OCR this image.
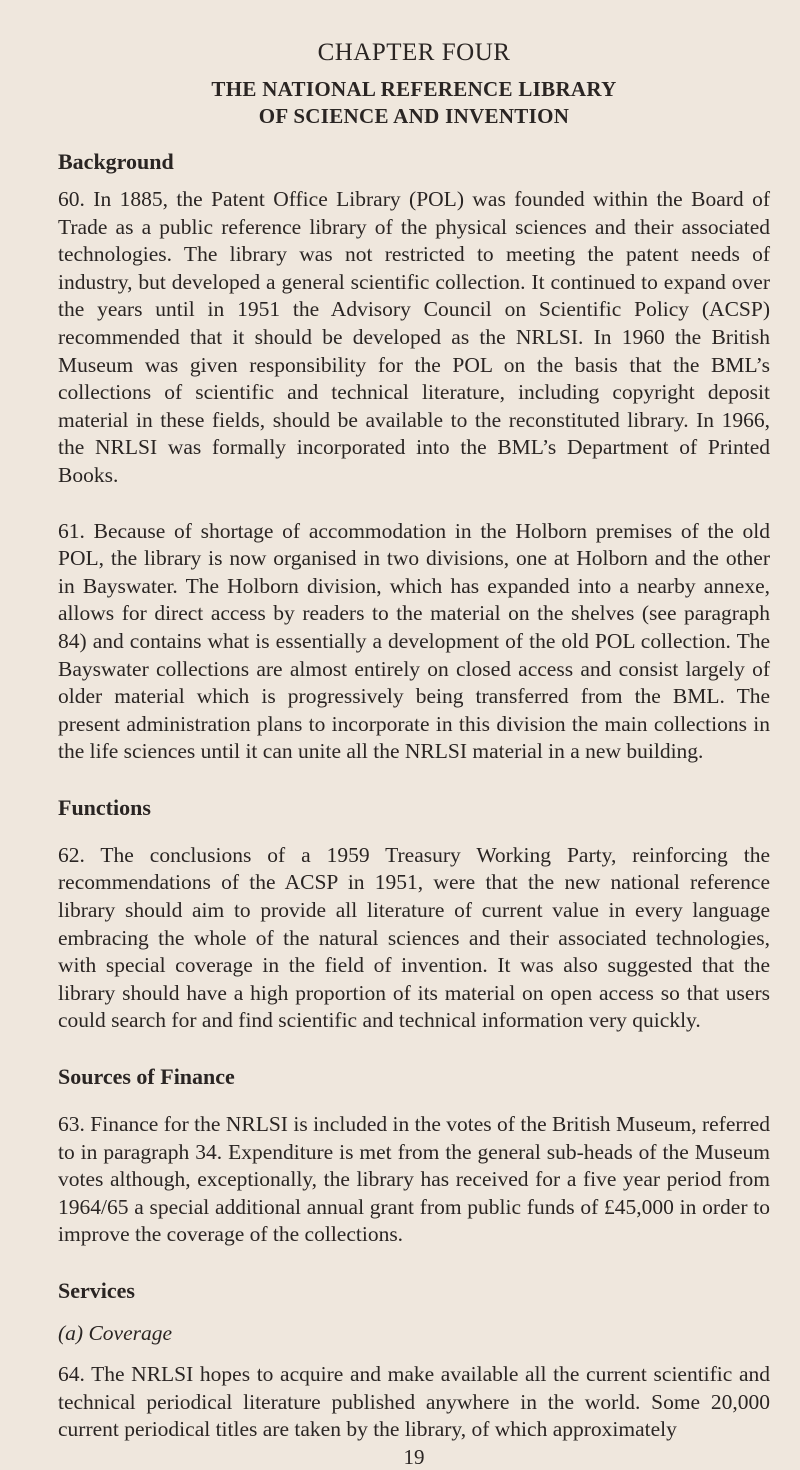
CHAPTER FOUR
THE NATIONAL REFERENCE LIBRARY
OF SCIENCE AND INVENTION
Background

60. In 1885, the Patent Office Library (POL) was founded within the Board of Trade as a public reference library of the physical sciences and their associated technologies. The library was not restricted to meeting the patent needs of industry, but developed a general scientific collection. It continued to expand over the years until in 1951 the Advisory Council on Scientific Policy (ACSP) recommended that it should be developed as the NRLSI. In 1960 the British Museum was given responsibility for the POL on the basis that the BML’s collections of scientific and technical literature, including copyright deposit material in these fields, should be available to the reconstituted library. In 1966, the NRLSI was formally incorporated into the BML’s Department of Printed Books.

61. Because of shortage of accommodation in the Holborn premises of the old POL, the library is now organised in two divisions, one at Holborn and the other in Bayswater. The Holborn division, which has expanded into a nearby annexe, allows for direct access by readers to the material on the shelves (see paragraph 84) and contains what is essentially a development of the old POL collection. The Bayswater collections are almost entirely on closed access and consist largely of older material which is progressively being transferred from the BML. The present administration plans to incorporate in this division the main collections in the life sciences until it can unite all the NRLSI material in a new building.

Functions

62. The conclusions of a 1959 Treasury Working Party, reinforcing the recommendations of the ACSP in 1951, were that the new national reference library should aim to provide all literature of current value in every language embracing the whole of the natural sciences and their associated technologies, with special coverage in the field of invention. It was also suggested that the library should have a high proportion of its material on open access so that users could search for and find scientific and technical information very quickly.

Sources of Finance

63. Finance for the NRLSI is included in the votes of the British Museum, referred to in paragraph 34. Expenditure is met from the general sub-heads of the Museum votes although, exceptionally, the library has received for a five year period from 1964/65 a special additional annual grant from public funds of £45,000 in order to improve the coverage of the collections.

Services
(a) Coverage

64. The NRLSI hopes to acquire and make available all the current scientific and technical periodical literature published anywhere in the world. Some 20,000 current periodical titles are taken by the library, of which approximately

19
